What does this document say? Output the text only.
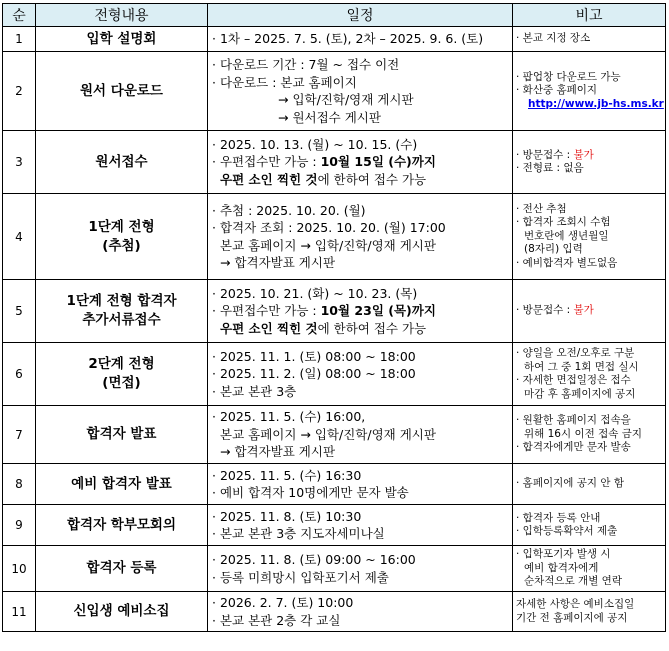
순	전형내용	일정	비고
1	입학 설명회	· 1차 – 2025. 7. 5. (토), 2차 – 2025. 9. 6. (토)	· 본교 지정 장소

2	원서 다운로드	· 다운로드 기간 : 7월 ~ 접수 이전
· 다운로드 : 본교 홈페이지
→ 입학/진학/영재 게시판
→ 원서접수 게시판	· 팝업창 다운로드 가능
· 화산중 홈페이지
http://www.jb-hs.ms.kr

3	원서접수	· 2025. 10. 13. (월) ~ 10. 15. (수)
· 우편접수만 가능 : 10월 15일 (수)까지
우편 소인 찍힌 것에 한하여 접수 가능	· 방문접수 : 불가
· 전형료 : 없음

4	1단계 전형
(추첨)	· 추첨 : 2025. 10. 20. (월)
· 합격자 조회 : 2025. 10. 20. (월) 17:00
본교 홈페이지 → 입학/진학/영재 게시판
→ 합격자발표 게시판	· 전산 추첨
· 합격자 조회시 수험
번호란에 생년월일
(8자리) 입력
· 예비합격자 별도없음

5	1단계 전형 합격자
추가서류접수	· 2025. 10. 21. (화) ~ 10. 23. (목)
· 우편접수만 가능 : 10월 23일 (목)까지
우편 소인 찍힌 것에 한하여 접수 가능	· 방문접수 : 불가

6	2단계 전형
(면접)	· 2025. 11. 1. (토) 08:00 ~ 18:00
· 2025. 11. 2. (일) 08:00 ~ 18:00
· 본교 본관 3층	· 양일을 오전/오후로 구분
하여 그 중 1회 면접 실시
· 자세한 면접일정은 접수
마감 후 홈페이지에 공지

7	합격자 발표	· 2025. 11. 5. (수) 16:00,
본교 홈페이지 → 입학/진학/영재 게시판
→ 합격자발표 게시판	· 원활한 홈페이지 접속을
위해 16시 이전 접속 금지
· 합격자에게만 문자 발송

8	예비 합격자 발표	· 2025. 11. 5. (수) 16:30
· 예비 합격자 10명에게만 문자 발송	· 홈페이지에 공지 안 함

9	합격자 학부모회의	· 2025. 11. 8. (토) 10:30
· 본교 본관 3층 지도자세미나실	· 합격자 등록 안내
· 입학등록확약서 제출

10	합격자 등록	· 2025. 11. 8. (토) 09:00 ~ 16:00
· 등록 미희망시 입학포기서 제출	· 입학포기자 발생 시
예비 합격자에게
순차적으로 개별 연락

11	신입생 예비소집	· 2026. 2. 7. (토) 10:00
· 본교 본관 2층 각 교실	자세한 사항은 예비소집일
기간 전 홈페이지에 공지
